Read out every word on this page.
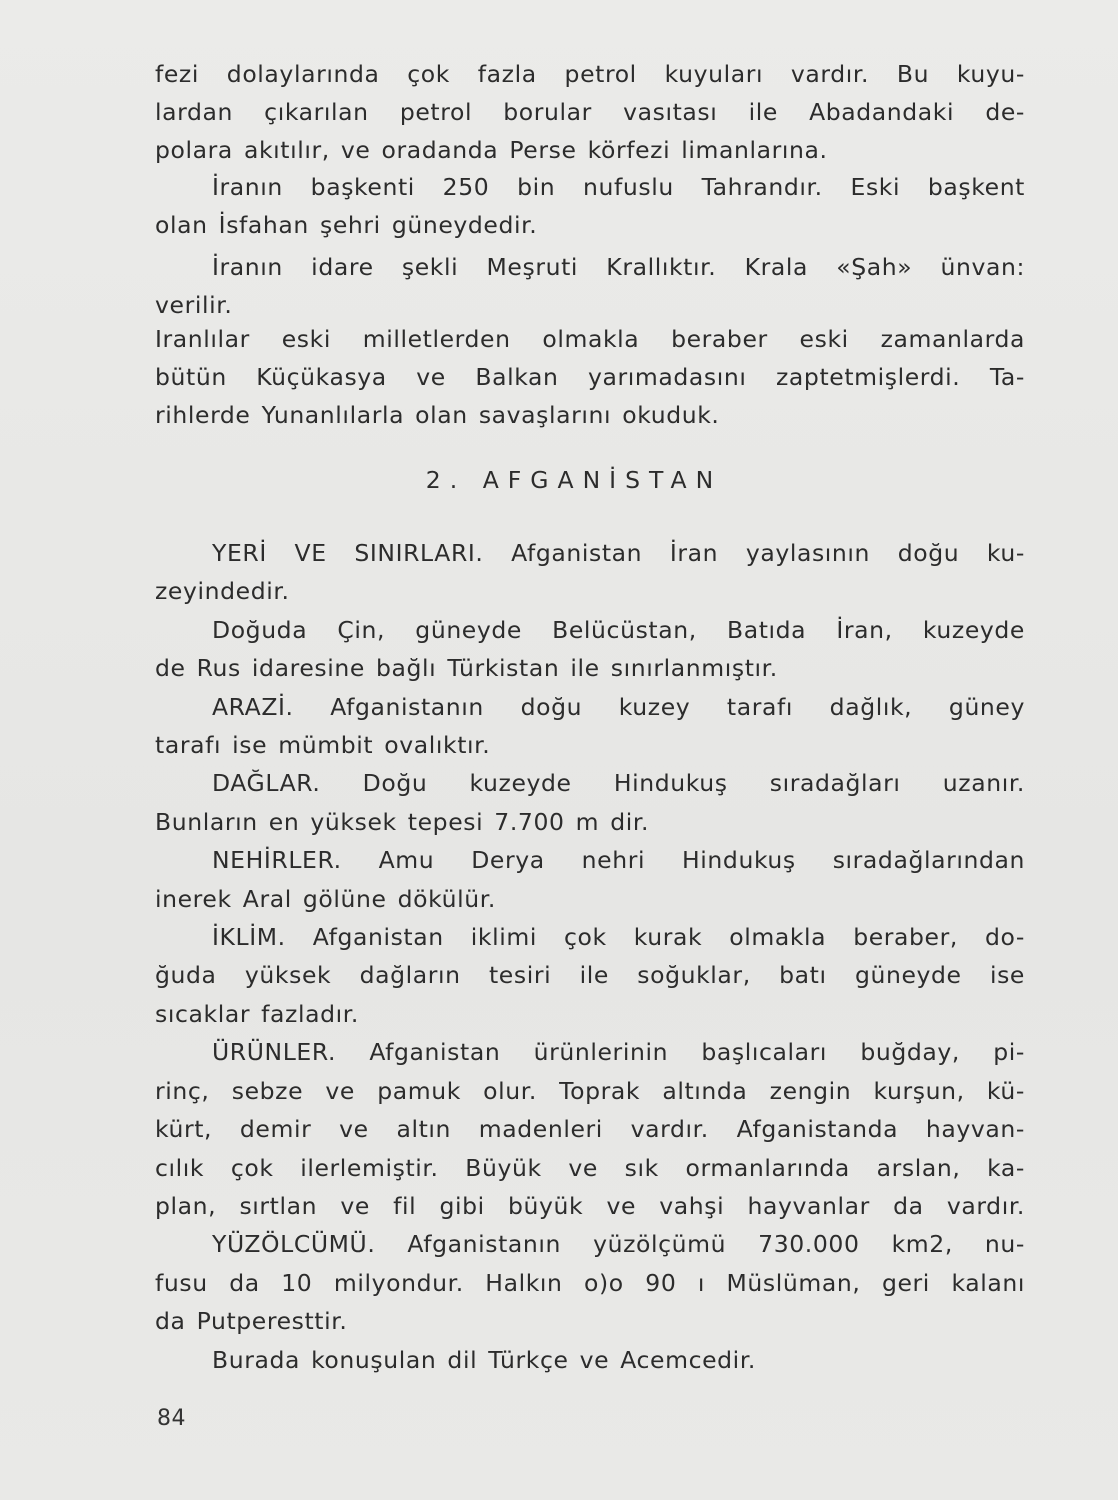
fezi dolaylarında çok fazla petrol kuyuları vardır. Bu kuyu-
lardan çıkarılan petrol borular vasıtası ile Abadandaki de-
polara akıtılır, ve oradanda Perse körfezi limanlarına.
İranın başkenti 250 bin nufuslu Tahrandır. Eski başkent
olan İsfahan şehri güneydedir.
İranın idare şekli Meşruti Krallıktır. Krala «Şah» ünvan:
verilir.
Iranlılar eski milletlerden olmakla beraber eski zamanlarda
bütün Küçükasya ve Balkan yarımadasını zaptetmişlerdi. Ta-
rihlerde Yunanlılarla olan savaşlarını okuduk.
2. AFGANİSTAN
YERİ VE SINIRLARI. Afganistan İran yaylasının doğu ku-
zeyindedir.
Doğuda Çin, güneyde Belücüstan, Batıda İran, kuzeyde
de Rus idaresine bağlı Türkistan ile sınırlanmıştır.
ARAZİ. Afganistanın doğu kuzey tarafı dağlık, güney
tarafı ise mümbit ovalıktır.
DAĞLAR. Doğu kuzeyde Hindukuş sıradağları uzanır.
Bunların en yüksek tepesi 7.700 m dir.
NEHİRLER. Amu Derya nehri Hindukuş sıradağlarından
inerek Aral gölüne dökülür.
İKLİM. Afganistan iklimi çok kurak olmakla beraber, do-
ğuda yüksek dağların tesiri ile soğuklar, batı güneyde ise
sıcaklar fazladır.
ÜRÜNLER. Afganistan ürünlerinin başlıcaları buğday, pi-
rinç, sebze ve pamuk olur. Toprak altında zengin kurşun, kü-
kürt, demir ve altın madenleri vardır. Afganistanda hayvan-
cılık çok ilerlemiştir. Büyük ve sık ormanlarında arslan, ka-
plan, sırtlan ve fil gibi büyük ve vahşi hayvanlar da vardır.
YÜZÖLCÜMÜ. Afganistanın yüzölçümü 730.000 km2, nu-
fusu da 10 milyondur. Halkın o)o 90 ı Müslüman, geri kalanı
da Putperesttir.
Burada konuşulan dil Türkçe ve Acemcedir.
84
